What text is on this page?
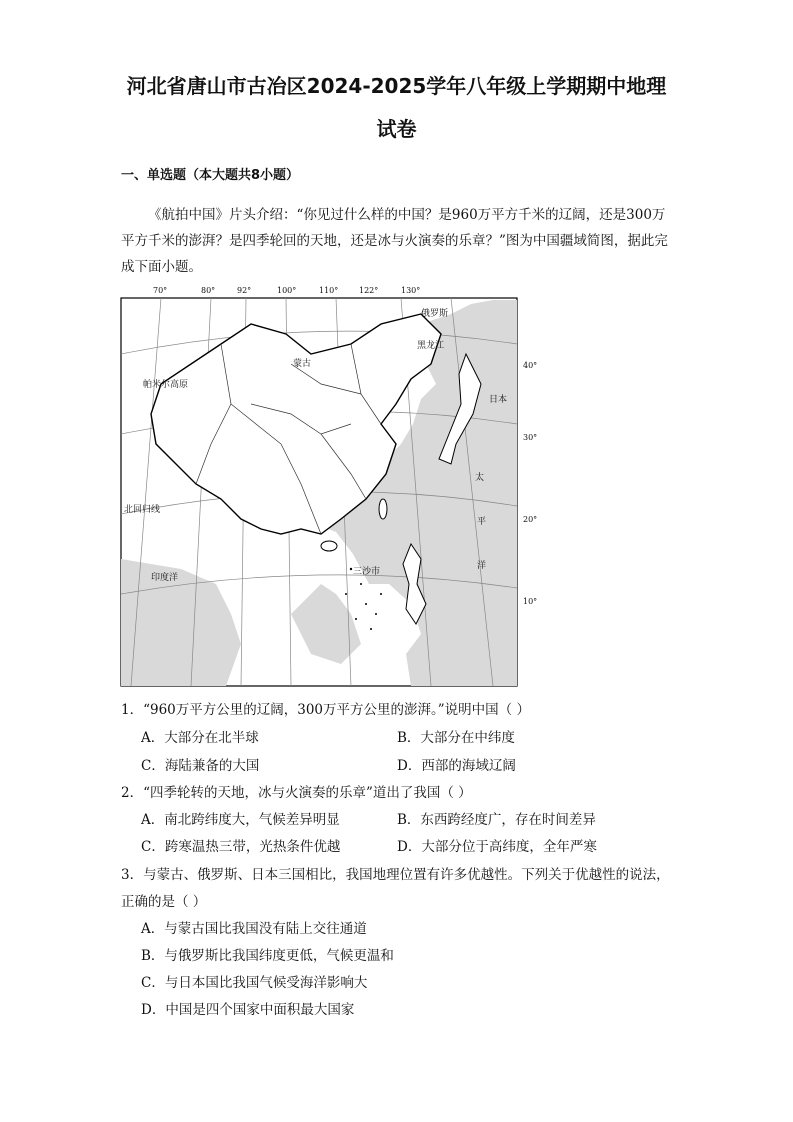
河北省唐山市古冶区2024-2025学年八年级上学期期中地理
试卷
一、单选题（本大题共8小题）
《航拍中国》片头介绍：“你见过什么样的中国？是960万平方千米的辽阔，还是300万平方千米的澎湃？是四季轮回的天地，还是冰与火演奏的乐章？”图为中国疆域简图，据此完成下面小题。
70°	80°	92°	100°	110°	122°	130°
40°
30°
20°
10°
俄罗斯
蒙古
帕米尔高原
黑龙江
北回归线
印度洋
三沙市
太
平
洋
日本
1．“960万平方公里的辽阔，300万平方公里的澎湃。”说明中国（ ）
A．大部分在北半球	B．大部分在中纬度
C．海陆兼备的大国	D．西部的海域辽阔
2．“四季轮转的天地，冰与火演奏的乐章”道出了我国（ ）
A．南北跨纬度大，气候差异明显	B．东西跨经度广，存在时间差异
C．跨寒温热三带，光热条件优越	D．大部分位于高纬度，全年严寒
3．与蒙古、俄罗斯、日本三国相比，我国地理位置有许多优越性。下列关于优越性的说法，正确的是（ ）
A．与蒙古国比我国没有陆上交往通道
B．与俄罗斯比我国纬度更低，气候更温和
C．与日本国比我国气候受海洋影响大
D．中国是四个国家中面积最大国家
